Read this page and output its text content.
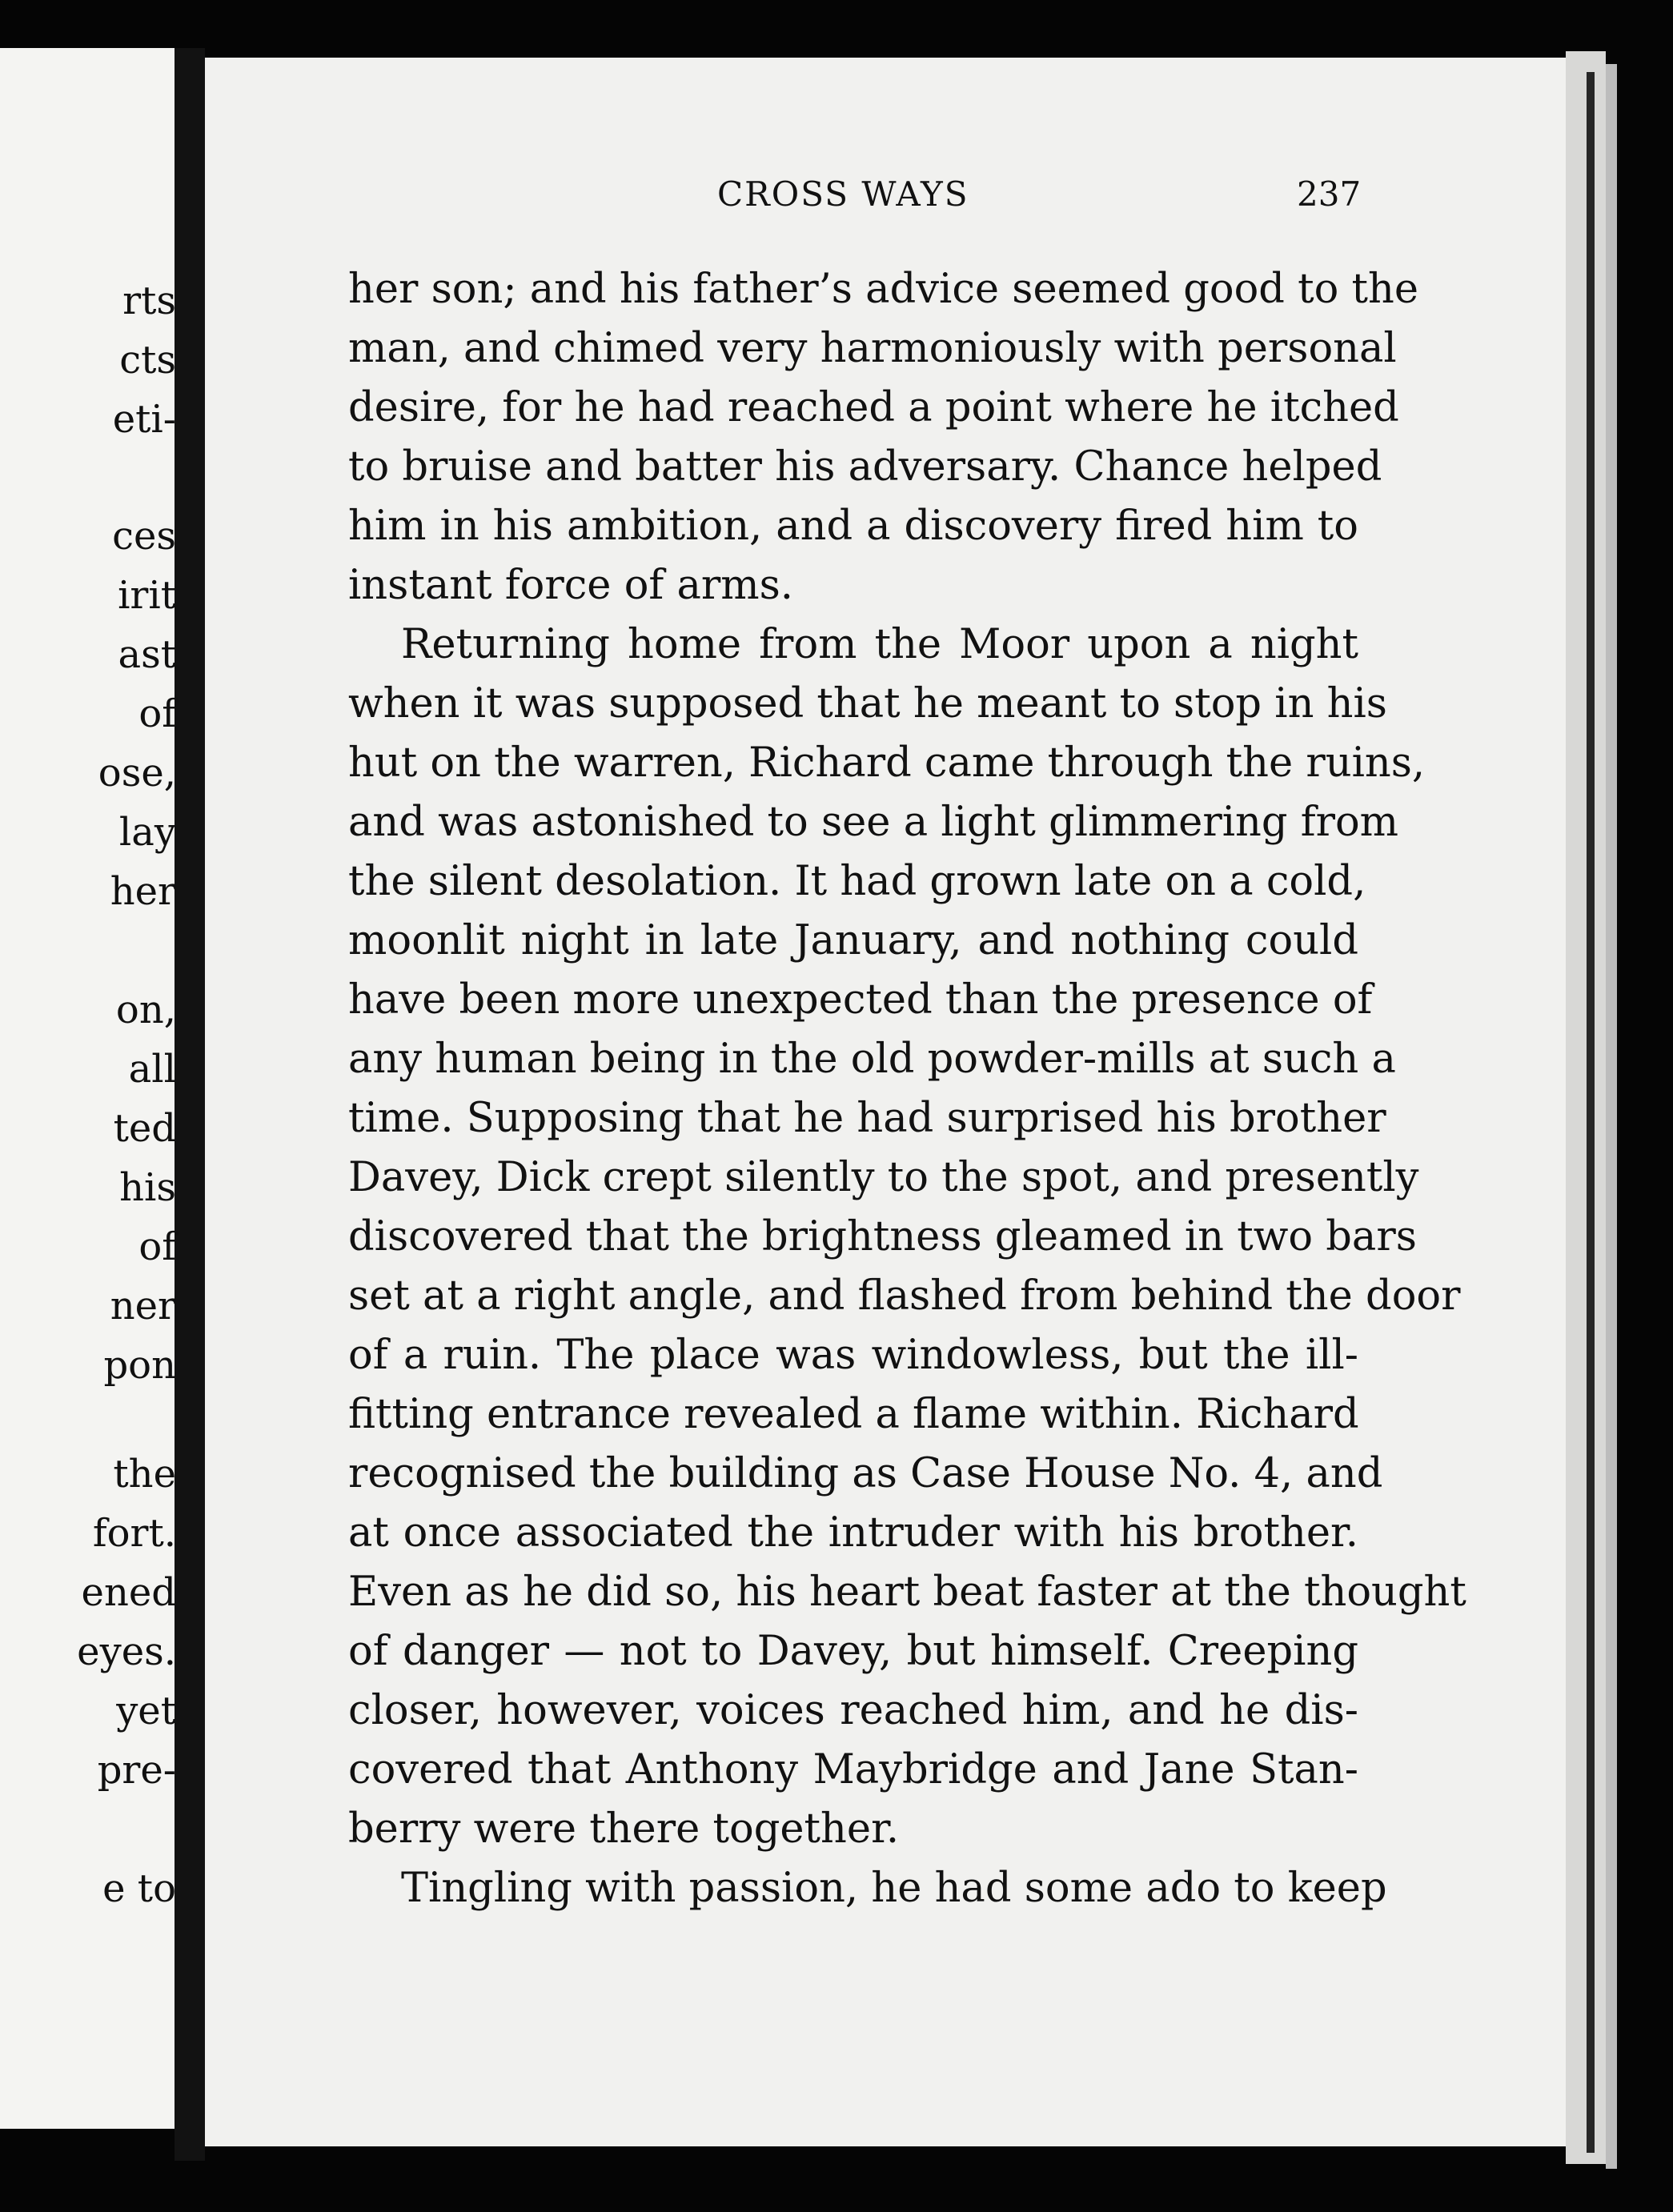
rts
cts
eti-
ces
irit
ast
of
ose,
lay
her
on,
all
ted
his
of
ner
pon
the
fort.
ened
eyes.
yet
pre-
e to
CROSS WAYS	237
her son; and his father’s advice seemed good to the
man, and chimed very harmoniously with personal
desire, for he had reached a point where he itched
to bruise and batter his adversary. Chance helped
him in his ambition, and a discovery fired him to
instant force of arms.
Returning home from the Moor upon a night
when it was supposed that he meant to stop in his
hut on the warren, Richard came through the ruins,
and was astonished to see a light glimmering from
the silent desolation. It had grown late on a cold,
moonlit night in late January, and nothing could
have been more unexpected than the presence of
any human being in the old powder-mills at such a
time. Supposing that he had surprised his brother
Davey, Dick crept silently to the spot, and presently
discovered that the brightness gleamed in two bars
set at a right angle, and flashed from behind the door
of a ruin. The place was windowless, but the ill-
fitting entrance revealed a flame within. Richard
recognised the building as Case House No. 4, and
at once associated the intruder with his brother.
Even as he did so, his heart beat faster at the thought
of danger — not to Davey, but himself. Creeping
closer, however, voices reached him, and he dis-
covered that Anthony Maybridge and Jane Stan-
berry were there together.
Tingling with passion, he had some ado to keep
